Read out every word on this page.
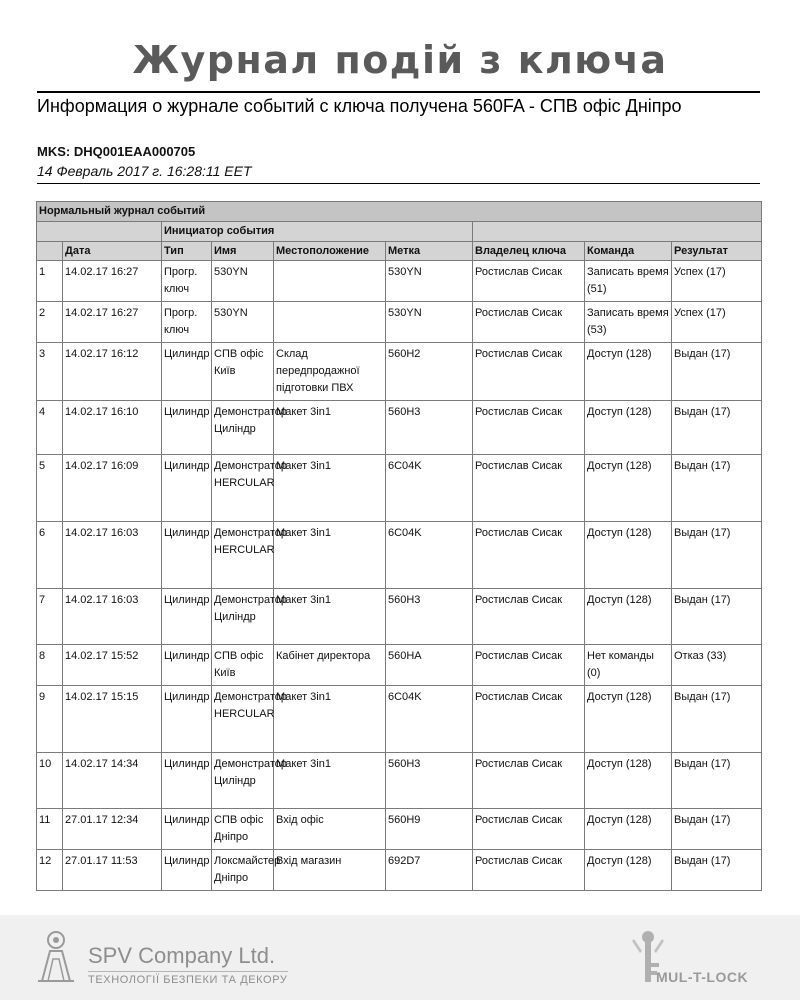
Журнал подій з ключа
Информация о журнале событий с ключа получена 560FA - СПВ офіс Дніпро
MKS: DHQ001EAA000705
14 Февраль 2017 г. 16:28:11 EET
Нормальный журнал событий								
		Инициатор события						
	Дата	Тип	Имя	Местоположение	Метка	Владелец ключа	Команда	Результат
1	14.02.17 16:27	Прогр. ключ	530YN		530YN	Ростислав Сисак	Записать время (51)	Успех (17)
2	14.02.17 16:27	Прогр. ключ	530YN		530YN	Ростислав Сисак	Записать время (53)	Успех (17)
3	14.02.17 16:12	Цилиндр	СПВ офіс Київ	Склад передпродажної підготовки ПВХ	560H2	Ростислав Сисак	Доступ (128)	Выдан (17)
4	14.02.17 16:10	Цилиндр	Демонстратор Циліндр	Макет 3in1	560H3	Ростислав Сисак	Доступ (128)	Выдан (17)
5	14.02.17 16:09	Цилиндр	Демонстратор HERCULAR	Макет 3in1	6C04K	Ростислав Сисак	Доступ (128)	Выдан (17)
6	14.02.17 16:03	Цилиндр	Демонстратор HERCULAR	Макет 3in1	6C04K	Ростислав Сисак	Доступ (128)	Выдан (17)
7	14.02.17 16:03	Цилиндр	Демонстратор Циліндр	Макет 3in1	560H3	Ростислав Сисак	Доступ (128)	Выдан (17)
8	14.02.17 15:52	Цилиндр	СПВ офіс Київ	Кабінет директора	560HA	Ростислав Сисак	Нет команды (0)	Отказ (33)
9	14.02.17 15:15	Цилиндр	Демонстратор HERCULAR	Макет 3in1	6C04K	Ростислав Сисак	Доступ (128)	Выдан (17)
10	14.02.17 14:34	Цилиндр	Демонстратор Циліндр	Макет 3in1	560H3	Ростислав Сисак	Доступ (128)	Выдан (17)
11	27.01.17 12:34	Цилиндр	СПВ офіс Дніпро	Вхід офіс	560H9	Ростислав Сисак	Доступ (128)	Выдан (17)
12	27.01.17 11:53	Цилиндр	Локсмайстер Дніпро	Вхід магазин	692D7	Ростислав Сисак	Доступ (128)	Выдан (17)
SPV Company Ltd.
ТЕХНОЛОГІЇ БЕЗПЕКИ ТА ДЕКОРУ	MUL-T-LOCK
